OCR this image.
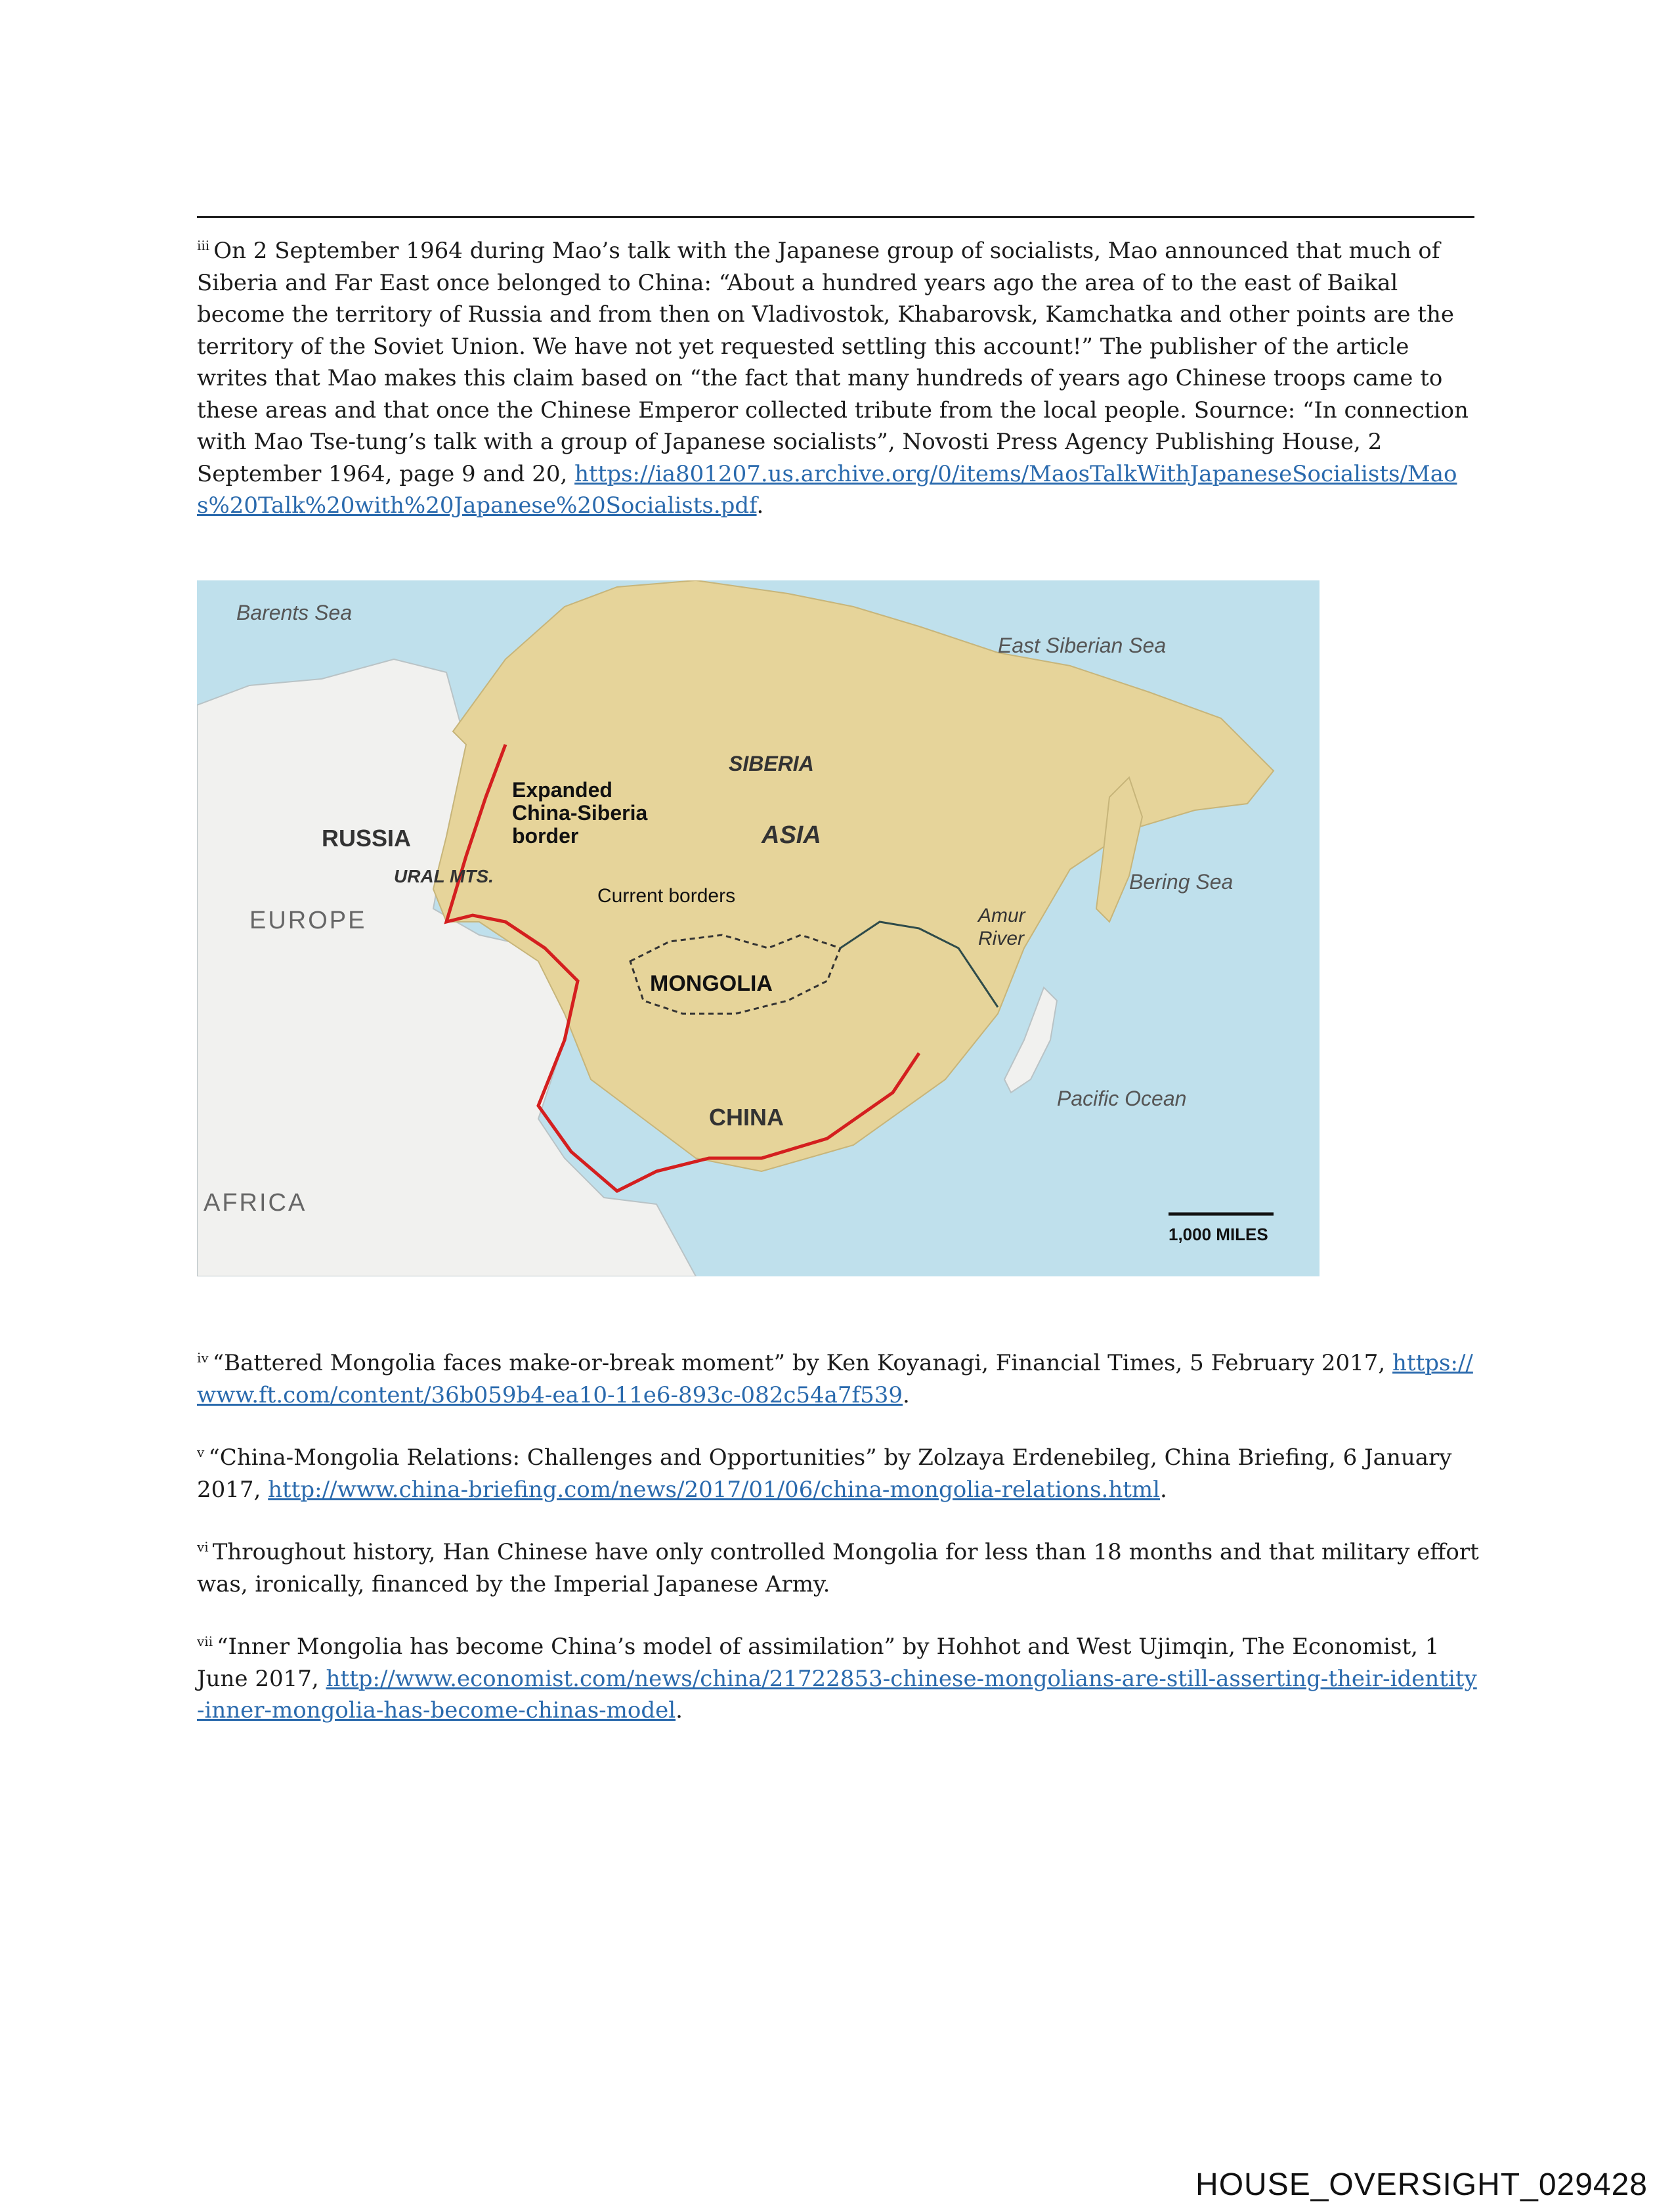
$^{iii}$ On 2 September 1964 during Mao’s talk with the Japanese group of socialists, Mao announced that much of Siberia and Far East once belonged to China: “About a hundred years ago the area of to the east of Baikal become the territory of Russia and from then on Vladivostok, Khabarovsk, Kamchatka and other points are the territory of the Soviet Union. We have not yet requested settling this account!” The publisher of the article writes that Mao makes this claim based on “the fact that many hundreds of years ago Chinese troops came to these areas and that once the Chinese Emperor collected tribute from the local people. Sournce: “In connection with Mao Tse-tung’s talk with a group of Japanese socialists”, Novosti Press Agency Publishing House, 2 September 1964, page 9 and 20, https://ia801207.us.archive.org/0/items/MaosTalkWithJapaneseSocialists/Maos%20Talk%20with%20Japanese%20Socialists.pdf.

Barents Sea
East Siberian Sea
Bering Sea
Pacific Ocean
SIBERIA
ASIA
Expanded
China-Siberia
border
RUSSIA
URAL MTS.
EUROPE
Current borders
MONGOLIA
Amur
River
CHINA
AFRICA
1,000 MILES

$^{iv}$ “Battered Mongolia faces make-or-break moment” by Ken Koyanagi, Financial Times, 5 February 2017, https://www.ft.com/content/36b059b4-ea10-11e6-893c-082c54a7f539.

$^v$ “China-Mongolia Relations: Challenges and Opportunities” by Zolzaya Erdenebileg, China Briefing, 6 January 2017, http://www.china-briefing.com/news/2017/01/06/china-mongolia-relations.html.

$^{vi}$ Throughout history, Han Chinese have only controlled Mongolia for less than 18 months and that military effort was, ironically, financed by the Imperial Japanese Army.

$^{vii}$ “Inner Mongolia has become China’s model of assimilation” by Hohhot and West Ujimqin, The Economist, 1 June 2017, http://www.economist.com/news/china/21722853-chinese-mongolians-are-still-asserting-their-identity-inner-mongolia-has-become-chinas-model.

HOUSE_OVERSIGHT_029428
